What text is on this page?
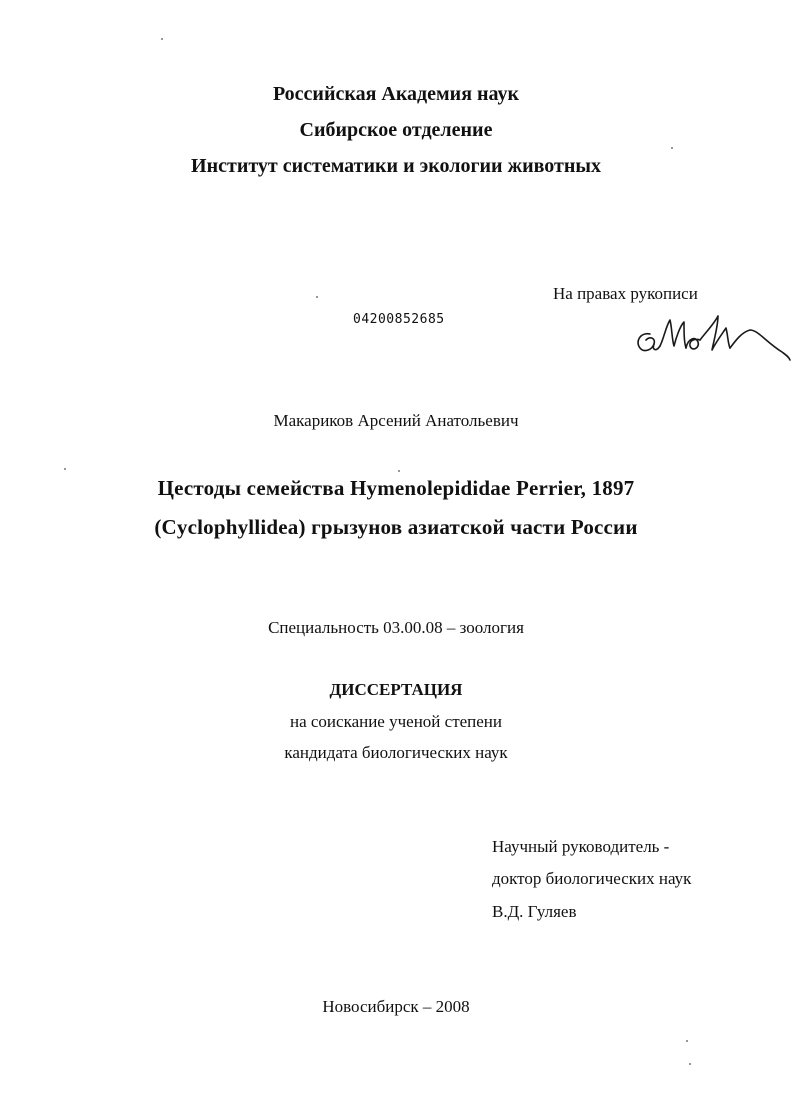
Российская Академия наук
Сибирское отделение
Институт систематики и экологии животных
На правах рукописи
04200852685
Макариков Арсений Анатольевич
Цестоды семейства Hymenolepididae Perrier, 1897
(Cyclophyllidea) грызунов азиатской части России
Специальность 03.00.08 – зоология
ДИССЕРТАЦИЯ
на соискание ученой степени
кандидата биологических наук
Научный руководитель -
доктор биологических наук
В.Д. Гуляев
Новосибирск – 2008
